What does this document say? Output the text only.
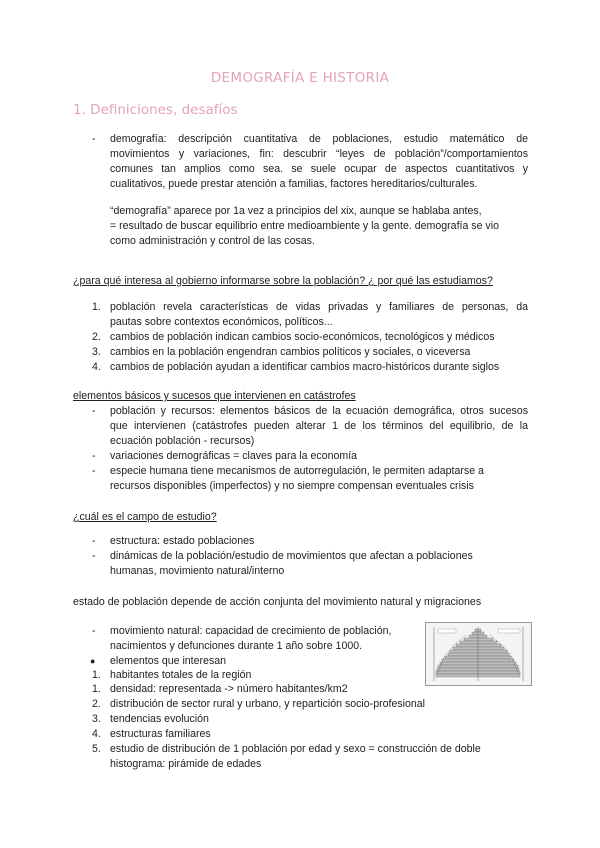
DEMOGRAFÍA E HISTORIA
1. Definiciones, desafíos
- demografía: descripción cuantitativa de poblaciones, estudio matemático de
movimientos y variaciones, fin: descubrir “leyes de población”/comportamientos
comunes tan amplios como sea. se suele ocupar de aspectos cuantitativos y
cualitativos, puede prestar atención a familias, factores hereditarios/culturales.
“demografía” aparece por 1a vez a principios del xix, aunque se hablaba antes,
= resultado de buscar equilibrio entre medioambiente y la gente. demografía se vio
como administración y control de las cosas.
¿para qué interesa al gobierno informarse sobre la población? ¿ por qué las estudiamos?
1. población revela características de vidas privadas y familiares de personas, da
pautas sobre contextos económicos, políticos...
2. cambios de población indican cambios socio-económicos, tecnológicos y médicos
3. cambios en la población engendran cambios políticos y sociales, o viceversa
4. cambios de población ayudan a identificar cambios macro-históricos durante siglos
elementos básicos y sucesos que intervienen en catástrofes
- población y recursos: elementos básicos de la ecuación demográfica, otros sucesos
que intervienen (catástrofes pueden alterar 1 de los términos del equilibrio, de la
ecuación población - recursos)
- variaciones demográficas = claves para la economía
- especie humana tiene mecanismos de autorregulación, le permiten adaptarse a
recursos disponibles (imperfectos) y no siempre compensan eventuales crisis
¿cuál es el campo de estudio?
- estructura: estado poblaciones
- dinámicas de la población/estudio de movimientos que afectan a poblaciones
humanas, movimiento natural/interno
estado de población depende de acción conjunta del movimiento natural y migraciones
- movimiento natural: capacidad de crecimiento de población,
nacimientos y defunciones durante 1 año sobre 1000.
● elementos que interesan
1. habitantes totales de la región
1. densidad: representada -> número habitantes/km2
2. distribución de sector rural y urbano, y repartición socio-profesional
3. tendencias evolución
4. estructuras familiares
5. estudio de distribución de 1 población por edad y sexo = construcción de doble
histograma: pirámide de edades
